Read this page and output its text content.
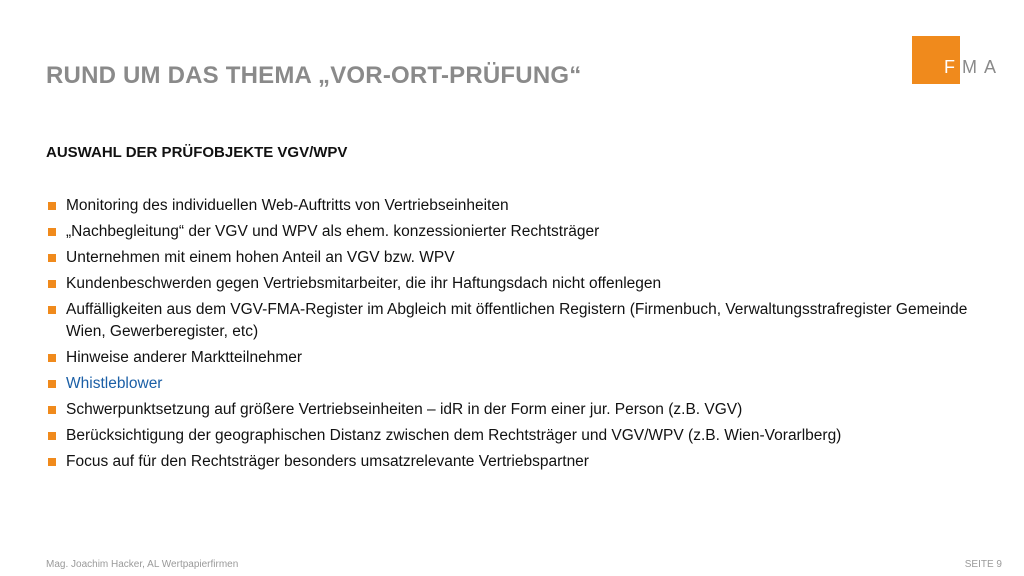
RUND UM DAS THEMA „VOR-ORT-PRÜFUNG“	FMA
AUSWAHL DER PRÜFOBJEKTE VGV/WPV
Monitoring des individuellen Web-Auftritts von Vertriebseinheiten
„Nachbegleitung“ der VGV und WPV als ehem. konzessionierter Rechtsträger
Unternehmen mit einem hohen Anteil an VGV bzw. WPV
Kundenbeschwerden gegen Vertriebsmitarbeiter, die ihr Haftungsdach nicht offenlegen
Auffälligkeiten aus dem VGV-FMA-Register im Abgleich mit öffentlichen Registern (Firmenbuch, Verwaltungsstrafregister Gemeinde Wien, Gewerberegister, etc)
Hinweise anderer Marktteilnehmer
Whistleblower
Schwerpunktsetzung auf größere Vertriebseinheiten – idR in der Form einer jur. Person (z.B. VGV)
Berücksichtigung der geographischen Distanz zwischen dem Rechtsträger und VGV/WPV (z.B. Wien-Vorarlberg)
Focus auf für den Rechtsträger besonders umsatzrelevante Vertriebspartner
Mag. Joachim Hacker, AL Wertpapierfirmen	SEITE 9
